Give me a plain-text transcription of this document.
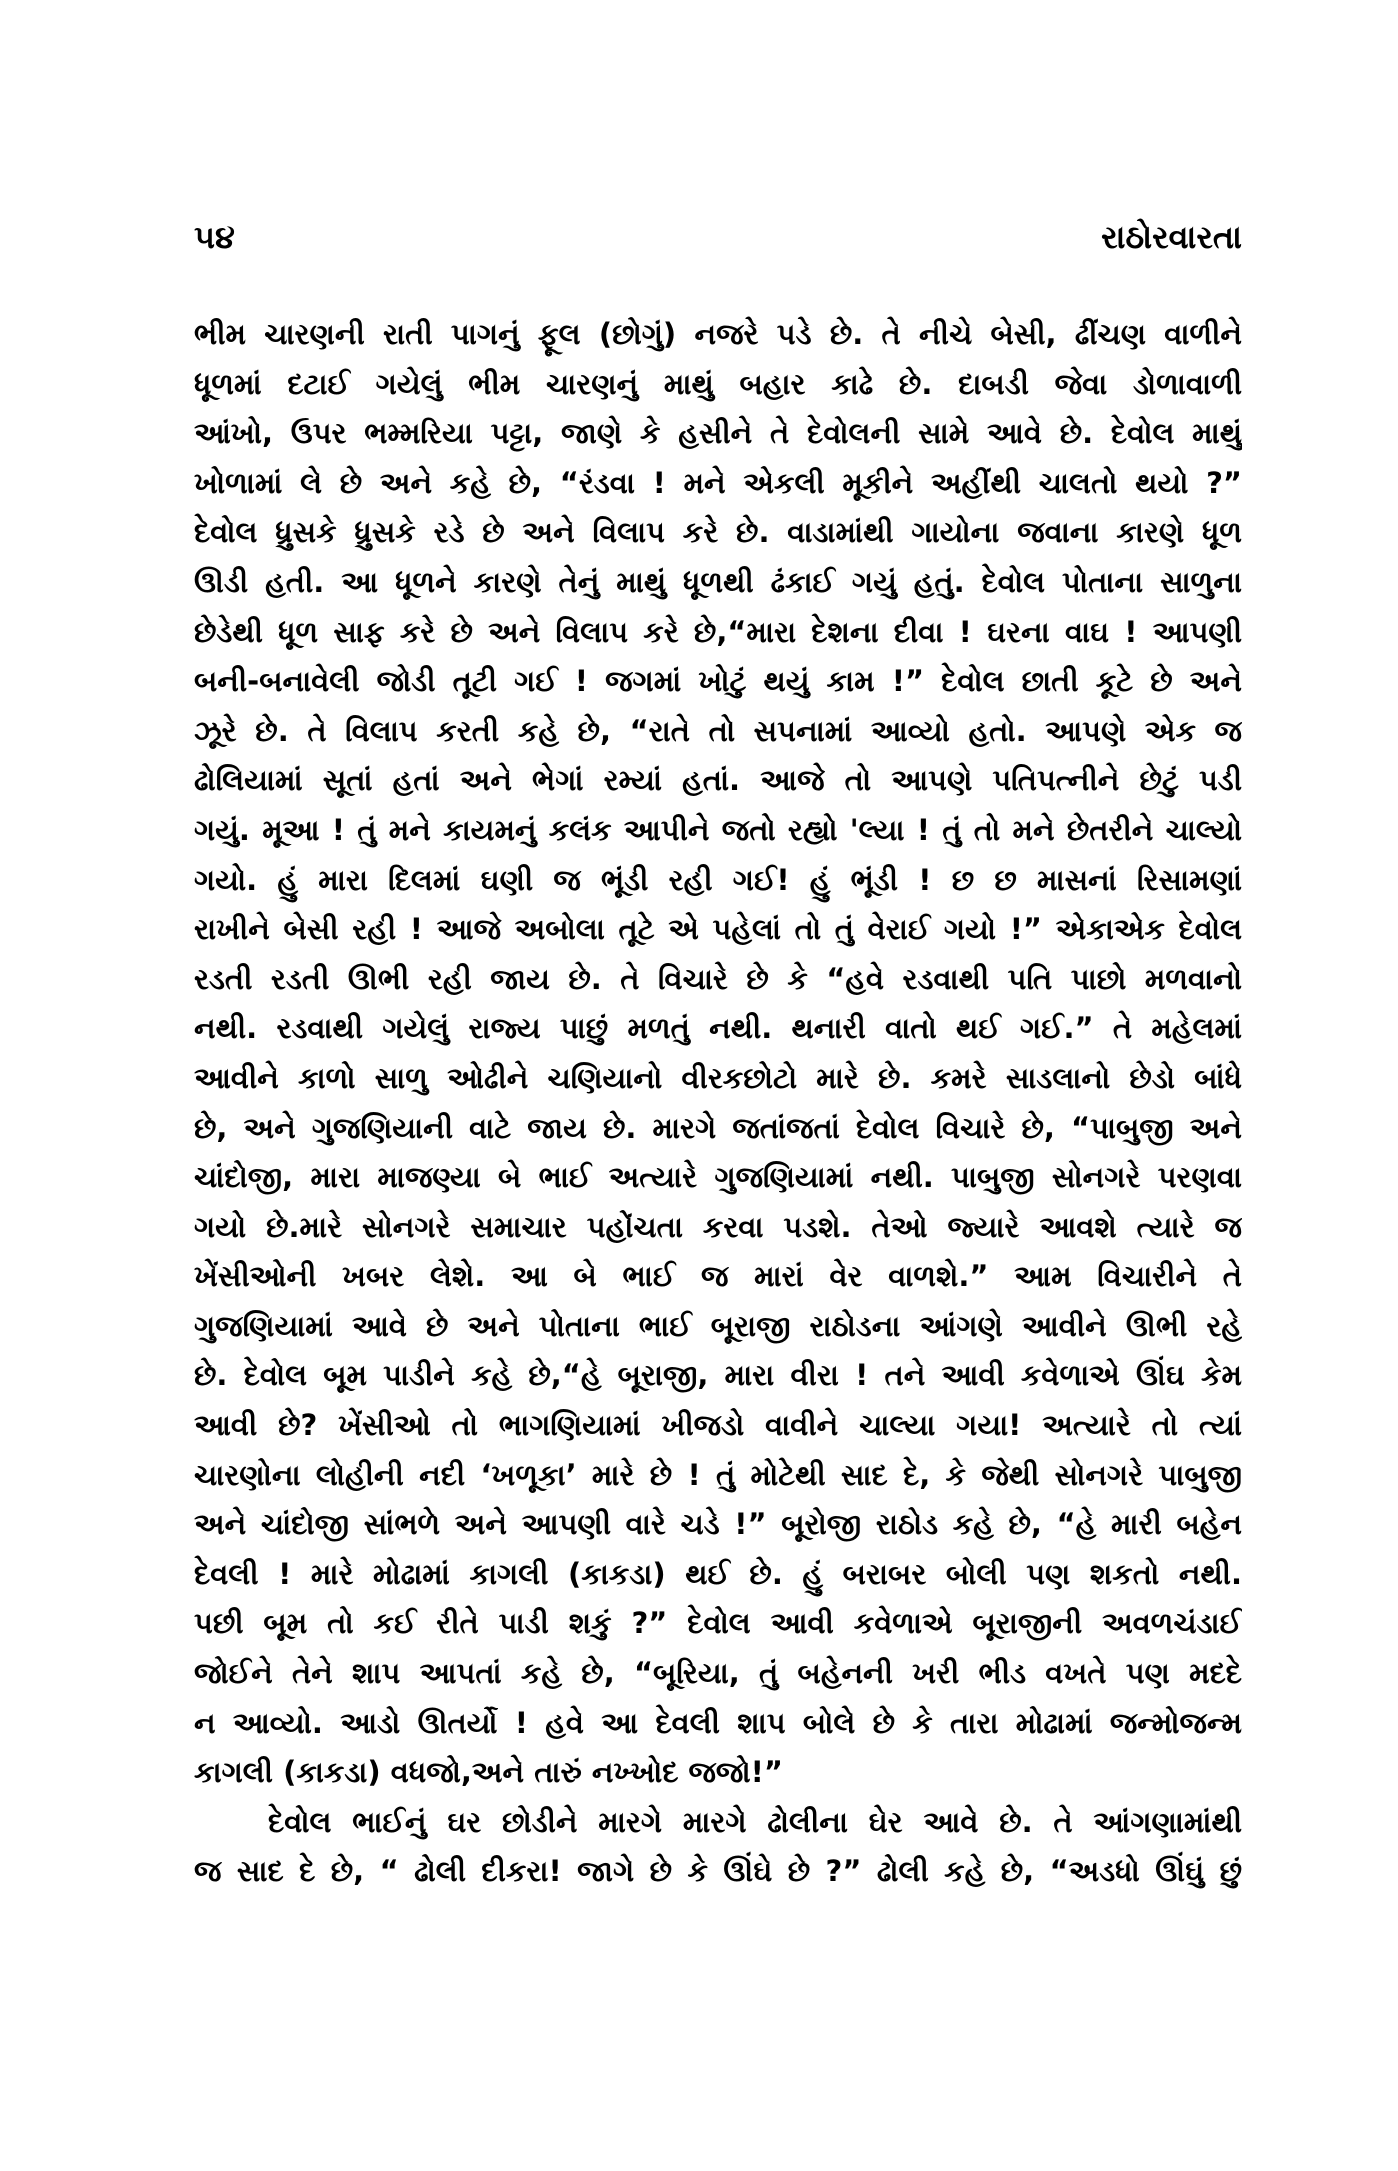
૫૪	રાઠોરવારતા
ભીમ ચારણની રાતી પાગનું ફૂલ (છોગું) નજરે પડે છે. તે નીચે બેસી, ઢીંચણ વાળીને
ધૂળમાં દટાઈ ગયેલું ભીમ ચારણનું માથું બહાર કાઢે છે. દાબડી જેવા ડોળાવાળી
આંખો, ઉપર ભમ્મરિયા પટ્ટા, જાણે કે હસીને તે દેવોલની સામે આવે છે. દેવોલ માથું
ખોળામાં લે છે અને કહે છે, “રંડવા ! મને એકલી મૂકીને અહીંથી ચાલતો થયો ?”
દેવોલ ધ્રુસકે ધ્રુસકે રડે છે અને વિલાપ કરે છે. વાડામાંથી ગાયોના જવાના કારણે ધૂળ
ઊડી હતી. આ ધૂળને કારણે તેનું માથું ધૂળથી ઢંકાઈ ગયું હતું. દેવોલ પોતાના સાળુના
છેડેથી ધૂળ સાફ કરે છે અને વિલાપ કરે છે,“મારા દેશના દીવા ! ઘરના વાઘ ! આપણી
બની-બનાવેલી જોડી તૂટી ગઈ ! જગમાં ખોટું થયું કામ !” દેવોલ છાતી કૂટે છે અને
ઝૂરે છે. તે વિલાપ કરતી કહે છે, “રાતે તો સપનામાં આવ્યો હતો. આપણે એક જ
ઢોલિયામાં સૂતાં હતાં અને ભેગાં રમ્યાં હતાં. આજે તો આપણે પતિપત્નીને છેટું પડી
ગયું. મૂઆ ! તું મને કાયમનું કલંક આપીને જતો રહ્યો 'લ્યા ! તું તો મને છેતરીને ચાલ્યો
ગયો. હું મારા દિલમાં ઘણી જ ભૂંડી રહી ગઈ! હું ભૂંડી ! છ છ માસનાં રિસામણાં
રાખીને બેસી રહી ! આજે અબોલા તૂટે એ પહેલાં તો તું વેરાઈ ગયો !” એકાએક દેવોલ
રડતી રડતી ઊભી રહી જાય છે. તે વિચારે છે કે “હવે રડવાથી પતિ પાછો મળવાનો
નથી. રડવાથી ગયેલું રાજ્ય પાછું મળતું નથી. થનારી વાતો થઈ ગઈ.” તે મહેલમાં
આવીને કાળો સાળુ ઓઢીને ચણિયાનો વીરકછોટો મારે છે. કમરે સાડલાનો છેડો બાંધે
છે, અને ગુજણિયાની વાટે જાય છે. મારગે જતાંજતાં દેવોલ વિચારે છે, “પાબુજી અને
ચાંદોજી, મારા માજણ્યા બે ભાઈ અત્યારે ગુજણિયામાં નથી. પાબુજી સોનગરે પરણવા
ગયો છે.મારે સોનગરે સમાચાર પહોંચતા કરવા પડશે. તેઓ જ્યારે આવશે ત્યારે જ
ખેંસીઓની ખબર લેશે. આ બે ભાઈ જ મારાં વેર વાળશે.” આમ વિચારીને તે
ગુજણિયામાં આવે છે અને પોતાના ભાઈ બૂરાજી રાઠોડના આંગણે આવીને ઊભી રહે
છે. દેવોલ બૂમ પાડીને કહે છે,“હે બૂરાજી, મારા વીરા ! તને આવી કવેળાએ ઊંઘ કેમ
આવી છે? ખેંસીઓ તો ભાગણિયામાં ખીજડો વાવીને ચાલ્યા ગયા! અત્યારે તો ત્યાં
ચારણોના લોહીની નદી ‘ખળૂકા’ મારે છે ! તું મોટેથી સાદ દે, કે જેથી સોનગરે પાબુજી
અને ચાંદોજી સાંભળે અને આપણી વારે ચડે !” બૂરોજી રાઠોડ કહે છે, “હે મારી બહેન
દેવલી ! મારે મોઢામાં કાગલી (કાકડા) થઈ છે. હું બરાબર બોલી પણ શકતો નથી.
પછી બૂમ તો કઈ રીતે પાડી શકું ?” દેવોલ આવી કવેળાએ બૂરાજીની અવળચંડાઈ
જોઈને તેને શાપ આપતાં કહે છે, “બૂરિયા, તું બહેનની ખરી ભીડ વખતે પણ મદદે
ન આવ્યો. આડો ઊતર્યો ! હવે આ દેવલી શાપ બોલે છે કે તારા મોઢામાં જન્મોજન્મ
કાગલી (કાકડા) વધજો,અને તારું નખ્ખોદ જજો!”
દેવોલ ભાઈનું ઘર છોડીને મારગે મારગે ઢોલીના ઘેર આવે છે. તે આંગણામાંથી
જ સાદ દે છે, “ ઢોલી દીકરા! જાગે છે કે ઊંઘે છે ?” ઢોલી કહે છે, “અડધો ઊંઘું છું
